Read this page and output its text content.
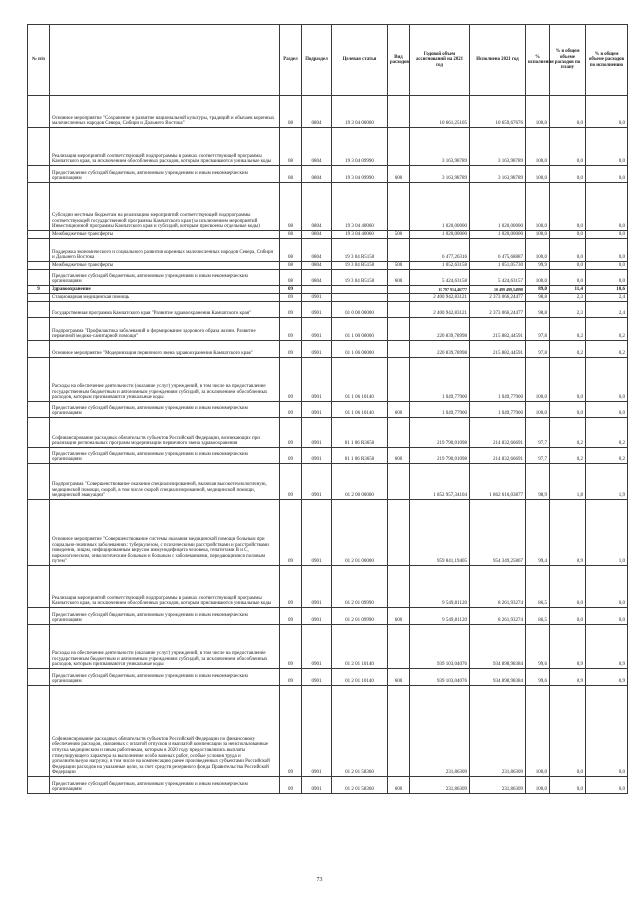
№ п/п		Раздел	Подраздел	Целевая статья	Вид расходов	Годовой объем ассигнований на 2021 год	Исполнено 2021 год	% исполнения	% в общем объеме расходов по плану	% в общем объеме расходов по исполнению
	Основное мероприятие "Сохранение и развитие национальной культуры, традиций и обычаев коренных малочисленных народов Севера, Сибири и Дальнего Востока"	08	0804	19 3 04 00000		10 661,25105	10 659,67676	100,0	0,0	0,0
	Реализация мероприятий соответствующей подпрограммы в рамках соответствующей программы Камчатского края, за исключением обособленных расходов, которым присваиваются уникальные коды	08	0804	19 3 04 09990		3 163,98789	3 163,98789	100,0	0,0	0,0
	Предоставление субсидий бюджетным, автономным учреждениям и иным некоммерческим организациям	08	0804	19 3 04 09990	600	3 163,98789	3 163,98789	100,0	0,0	0,0
	Субсидии местным бюджетам на реализацию мероприятий соответствующей подпрограммы соответствующей государственной программы Камчатского края (за исключением мероприятий Инвестиционной программы Камчатского края и субсидий, которым присвоены отдельные коды)	08	0804	19 3 04 40060		1 020,00000	1 020,00000	100,0	0,0	0,0
	Межбюджетные трансферты	08	0804	19 3 04 40060	500	1 020,00000	1 020,00000	100,0	0,0	0,0
	Поддержка экономического и социального развития коренных малочисленных народов Севера, Сибири и Дальнего Востока	08	0804	19 3 04 R5150		6 477,26316	6 475,68887	100,0	0,0	0,0
	Межбюджетные трансферты	08	0804	19 3 04 R5150	500	1 052,63158	1 051,05730	99,9	0,0	0,0
	Предоставление субсидий бюджетным, автономным учреждениям и иным некоммерческим организациям	08	0804	19 3 04 R5150	600	5 424,63158	5 424,63157	100,0	0,0	0,0
9	Здравоохранение	09				11 797 914,46777	10 499 499,54998	89,0	11,4	10,6
	Стационарная медицинская помощь	09	0901			2 400 942,83121	2 373 066,24477	98,8	2,3	2,4
	Государственная программа Камчатского края "Развитие здравоохранения Камчатского края"	09	0901	01 0 00 00000		2 400 942,83121	2 373 066,24477	98,8	2,3	2,4
	Подпрограмма "Профилактика заболеваний и формирование здорового образа жизни. Развитие первичной медико-санитарной помощи"	09	0901	01 1 00 00000		220 839,78998	215 882,44591	97,8	0,2	0,2
	Основное мероприятие "Модернизация первичного звена здравоохранения Камчатского края"	09	0901	01 1 06 00000		220 839,78998	215 882,44591	97,8	0,2	0,2
	Расходы на обеспечение деятельности (оказание услуг) учреждений, в том числе на предоставление государственным бюджетным и автономным учреждениям субсидий, за исключением обособленных расходов, которым присваиваются уникальные коды	09	0901	01 1 06 10140		1 049,77900	1 049,77900	100,0	0,0	0,0
	Предоставление субсидий бюджетным, автономным учреждениям и иным некоммерческим организациям	09	0901	01 1 06 10140	600	1 049,77900	1 049,77900	100,0	0,0	0,0
	Софинансирование расходных обязательств субъектов Российской Федерации, возникающих при реализации региональных программ модернизации первичного звена здравоохранения	09	0901	01 1 06 R3650		219 790,01098	214 832,66691	97,7	0,2	0,2
	Предоставление субсидий бюджетным, автономным учреждениям и иным некоммерческим организациям	09	0901	01 1 06 R3650	600	219 790,01098	214 832,66691	97,7	0,2	0,2
	Подпрограмма "Совершенствование оказания специализированной, включая высокотехнологичную, медицинской помощи, скорой, в том числе скорой специализированной, медицинской помощи, медицинской эвакуации"	09	0901	01 2 00 00000		1 852 957,34104	1 862 616,03877	98,9	1,8	1,9
	Основное мероприятие "Совершенствование системы оказания медицинской помощи больным при социально-значимых заболеваниях: туберкулезом, с психическими расстройствами и расстройствами поведения, лицам, инфицированным вирусом иммунодефицита человека, гепатитами В и С, наркологическим, онкологическим больным и больным с заболеваниями, передающимися половым путем"	09	0901	01 2 01 00000		959 841,19405	954 349,25867	99,4	0,9	1,0
	Реализация мероприятий соответствующей подпрограммы в рамках соответствующей программы Камчатского края, за исключением обособленных расходов, которым присваиваются уникальные коды	09	0901	01 2 01 09990		9 549,81120	8 261,93274	86,5	0,0	0,0
	Предоставление субсидий бюджетным, автономным учреждениям и иным некоммерческим организациям	09	0901	01 2 01 09990	600	9 549,81120	8 261,93274	86,5	0,0	0,0
	Расходы на обеспечение деятельности (оказание услуг) учреждений, в том числе на предоставление государственным бюджетным и автономным учреждениям субсидий, за исключением обособленных расходов, которым присваиваются уникальные коды	09	0901	01 2 01 10140		939 103,04076	934 898,98384	99,6	0,9	0,9
	Предоставление субсидий бюджетным, автономным учреждениям и иным некоммерческим организациям	09	0901	01 2 01 10140	600	939 103,04076	934 898,98384	99,6	0,9	0,9
	Софинансирование расходных обязательств субъектов Российской Федерации по финансовому обеспечению расходов, связанных с оплатой отпусков и выплатой компенсации за неиспользованные отпуска медицинским и иным работникам, которым в 2020 году предоставлялись выплаты стимулирующего характера за выполнение особо важных работ, особые условия труда и дополнительную нагрузку, в том числе на компенсацию ранее произведенных субъектами Российской Федерации расходов на указанные цели, за счет средств резервного фонда Правительства Российской Федерации	09	0901	01 2 01 58360		231,86309	231,86309	100,0	0,0	0,0
	Предоставление субсидий бюджетным, автономным учреждениям и иным некоммерческим организациям	09	0901	01 2 01 58360	600	231,86309	231,86309	100,0	0,0	0,0
73
